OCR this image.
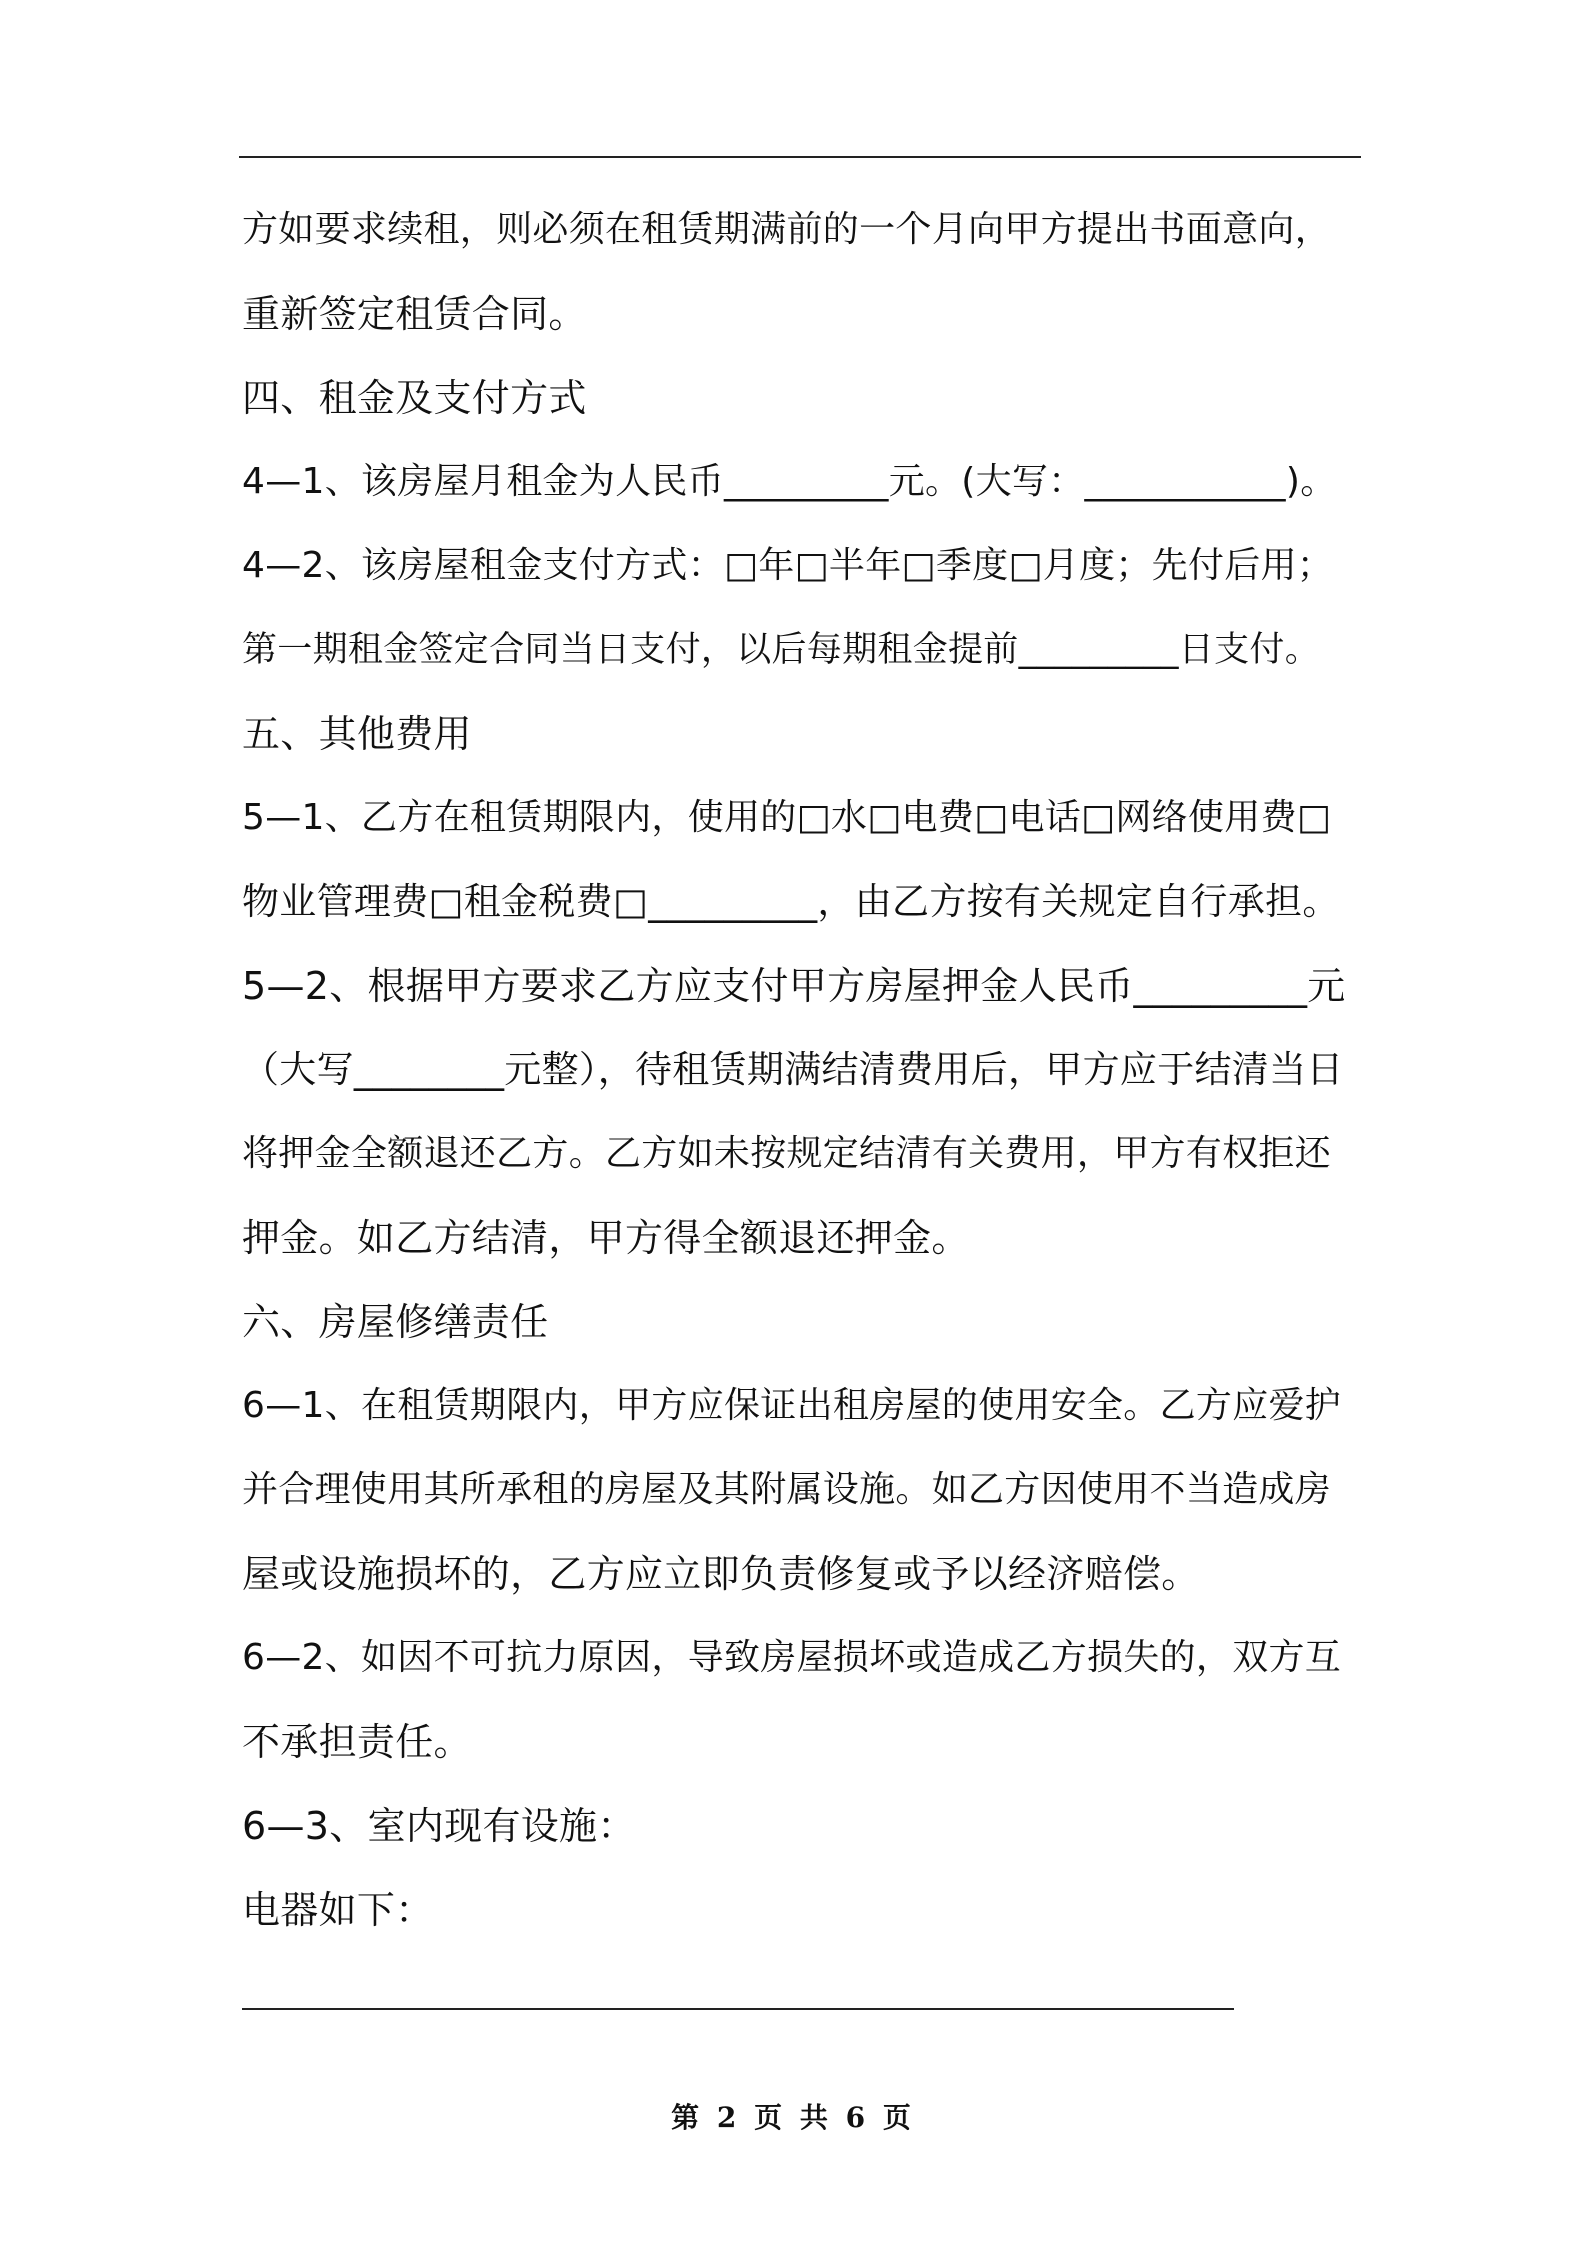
方如要求续租，则必须在租赁期满前的一个月向甲方提出书面意向，
重新签定租赁合同。
四、租金及支付方式
4—1、该房屋月租金为人民币_________元。(大写：___________)。
4—2、该房屋租金支付方式：□年□半年□季度□月度；先付后用；
第一期租金签定合同当日支付，以后每期租金提前_________日支付。
五、其他费用
5—1、乙方在租赁期限内，使用的□水□电费□电话□网络使用费□
物业管理费□租金税费□_________，由乙方按有关规定自行承担。
5—2、根据甲方要求乙方应支付甲方房屋押金人民币_________元
（大写________元整），待租赁期满结清费用后，甲方应于结清当日
将押金全额退还乙方。乙方如未按规定结清有关费用，甲方有权拒还
押金。如乙方结清，甲方得全额退还押金。
六、房屋修缮责任
6—1、在租赁期限内，甲方应保证出租房屋的使用安全。乙方应爱护
并合理使用其所承租的房屋及其附属设施。如乙方因使用不当造成房
屋或设施损坏的，乙方应立即负责修复或予以经济赔偿。
6—2、如因不可抗力原因，导致房屋损坏或造成乙方损失的，双方互
不承担责任。
6—3、室内现有设施：
电器如下：
第 2 页 共 6 页
